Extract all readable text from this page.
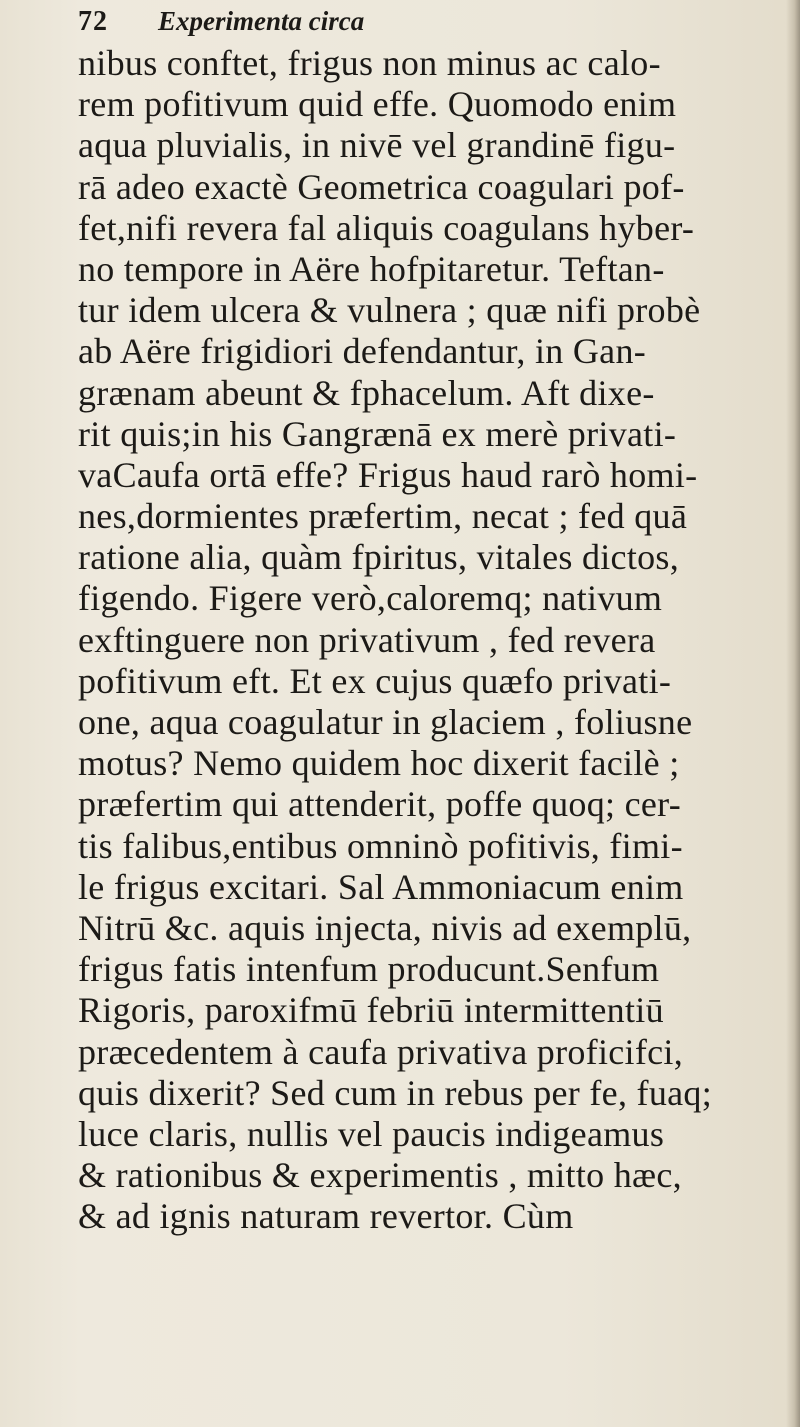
72 Experimenta circa
nibus conftet, frigus non minus ac calo-
rem pofitivum quid effe. Quomodo enim
aqua pluvialis, in nivē vel grandinē figu-
rā adeo exactè Geometrica coagulari pof-
fet,nifi revera fal aliquis coagulans hyber-
no tempore in Aëre hofpitaretur. Teftan-
tur idem ulcera & vulnera ; quæ nifi probè
ab Aëre frigidiori defendantur, in Gan-
grænam abeunt & fphacelum. Aft dixe-
rit quis;in his Gangrænā ex merè privati-
vaCaufa ortā effe? Frigus haud rarò homi-
nes,dormientes præfertim, necat ; fed quā
ratione alia, quàm fpiritus, vitales dictos,
figendo. Figere verò,caloremq; nativum
exftinguere non privativum , fed revera
pofitivum eft. Et ex cujus quæfo privati-
one, aqua coagulatur in glaciem , foliusne
motus? Nemo quidem hoc dixerit facilè ;
præfertim qui attenderit, poffe quoq; cer-
tis falibus,entibus omninò pofitivis, fimi-
le frigus excitari. Sal Ammoniacum enim
Nitrū &c. aquis injecta, nivis ad exemplū,
frigus fatis intenfum producunt.Senfum
Rigoris, paroxifmū febriū intermittentiū
præcedentem à caufa privativa proficifci,
quis dixerit? Sed cum in rebus per fe, fuaq;
luce claris, nullis vel paucis indigeamus
& rationibus & experimentis , mitto hæc,
& ad ignis naturam revertor. Cùm
